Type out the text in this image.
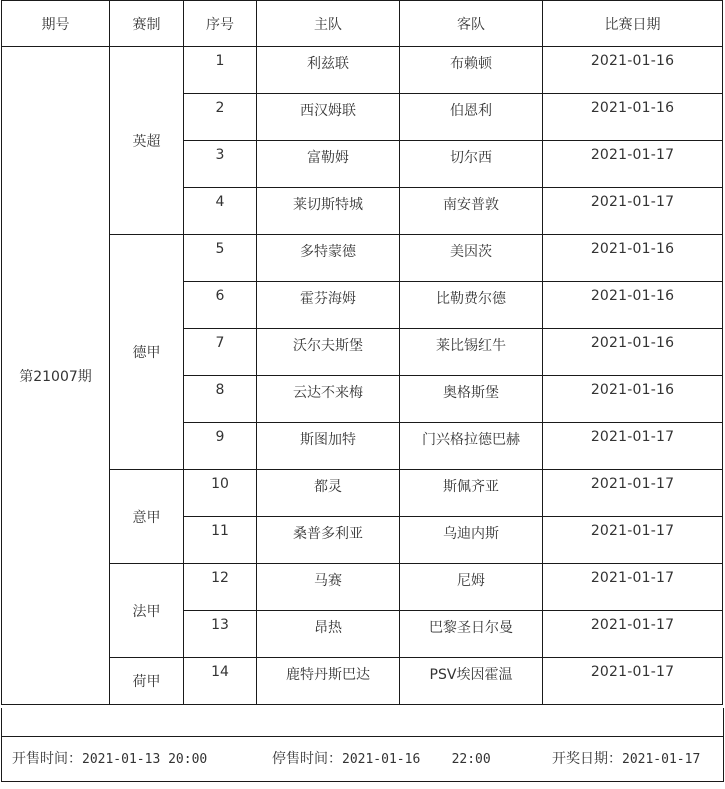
期号	赛制	序号	主队	客队	比赛日期
第21007期	英超	1	利兹联	布赖顿	2021-01-16
		2	西汉姆联	伯恩利	2021-01-16
		3	富勒姆	切尔西	2021-01-17
		4	莱切斯特城	南安普敦	2021-01-17
	德甲	5	多特蒙德	美因茨	2021-01-16
		6	霍芬海姆	比勒费尔德	2021-01-16
		7	沃尔夫斯堡	莱比锡红牛	2021-01-16
		8	云达不来梅	奥格斯堡	2021-01-16
		9	斯图加特	门兴格拉德巴赫	2021-01-17
	意甲	10	都灵	斯佩齐亚	2021-01-17
		11	桑普多利亚	乌迪内斯	2021-01-17
	法甲	12	马赛	尼姆	2021-01-17
		13	昂热	巴黎圣日尔曼	2021-01-17
	荷甲	14	鹿特丹斯巴达	PSV埃因霍温	2021-01-17
开售时间：2021-01-13 20:00	停售时间：2021-01-16    22:00	开奖日期：2021-01-17
